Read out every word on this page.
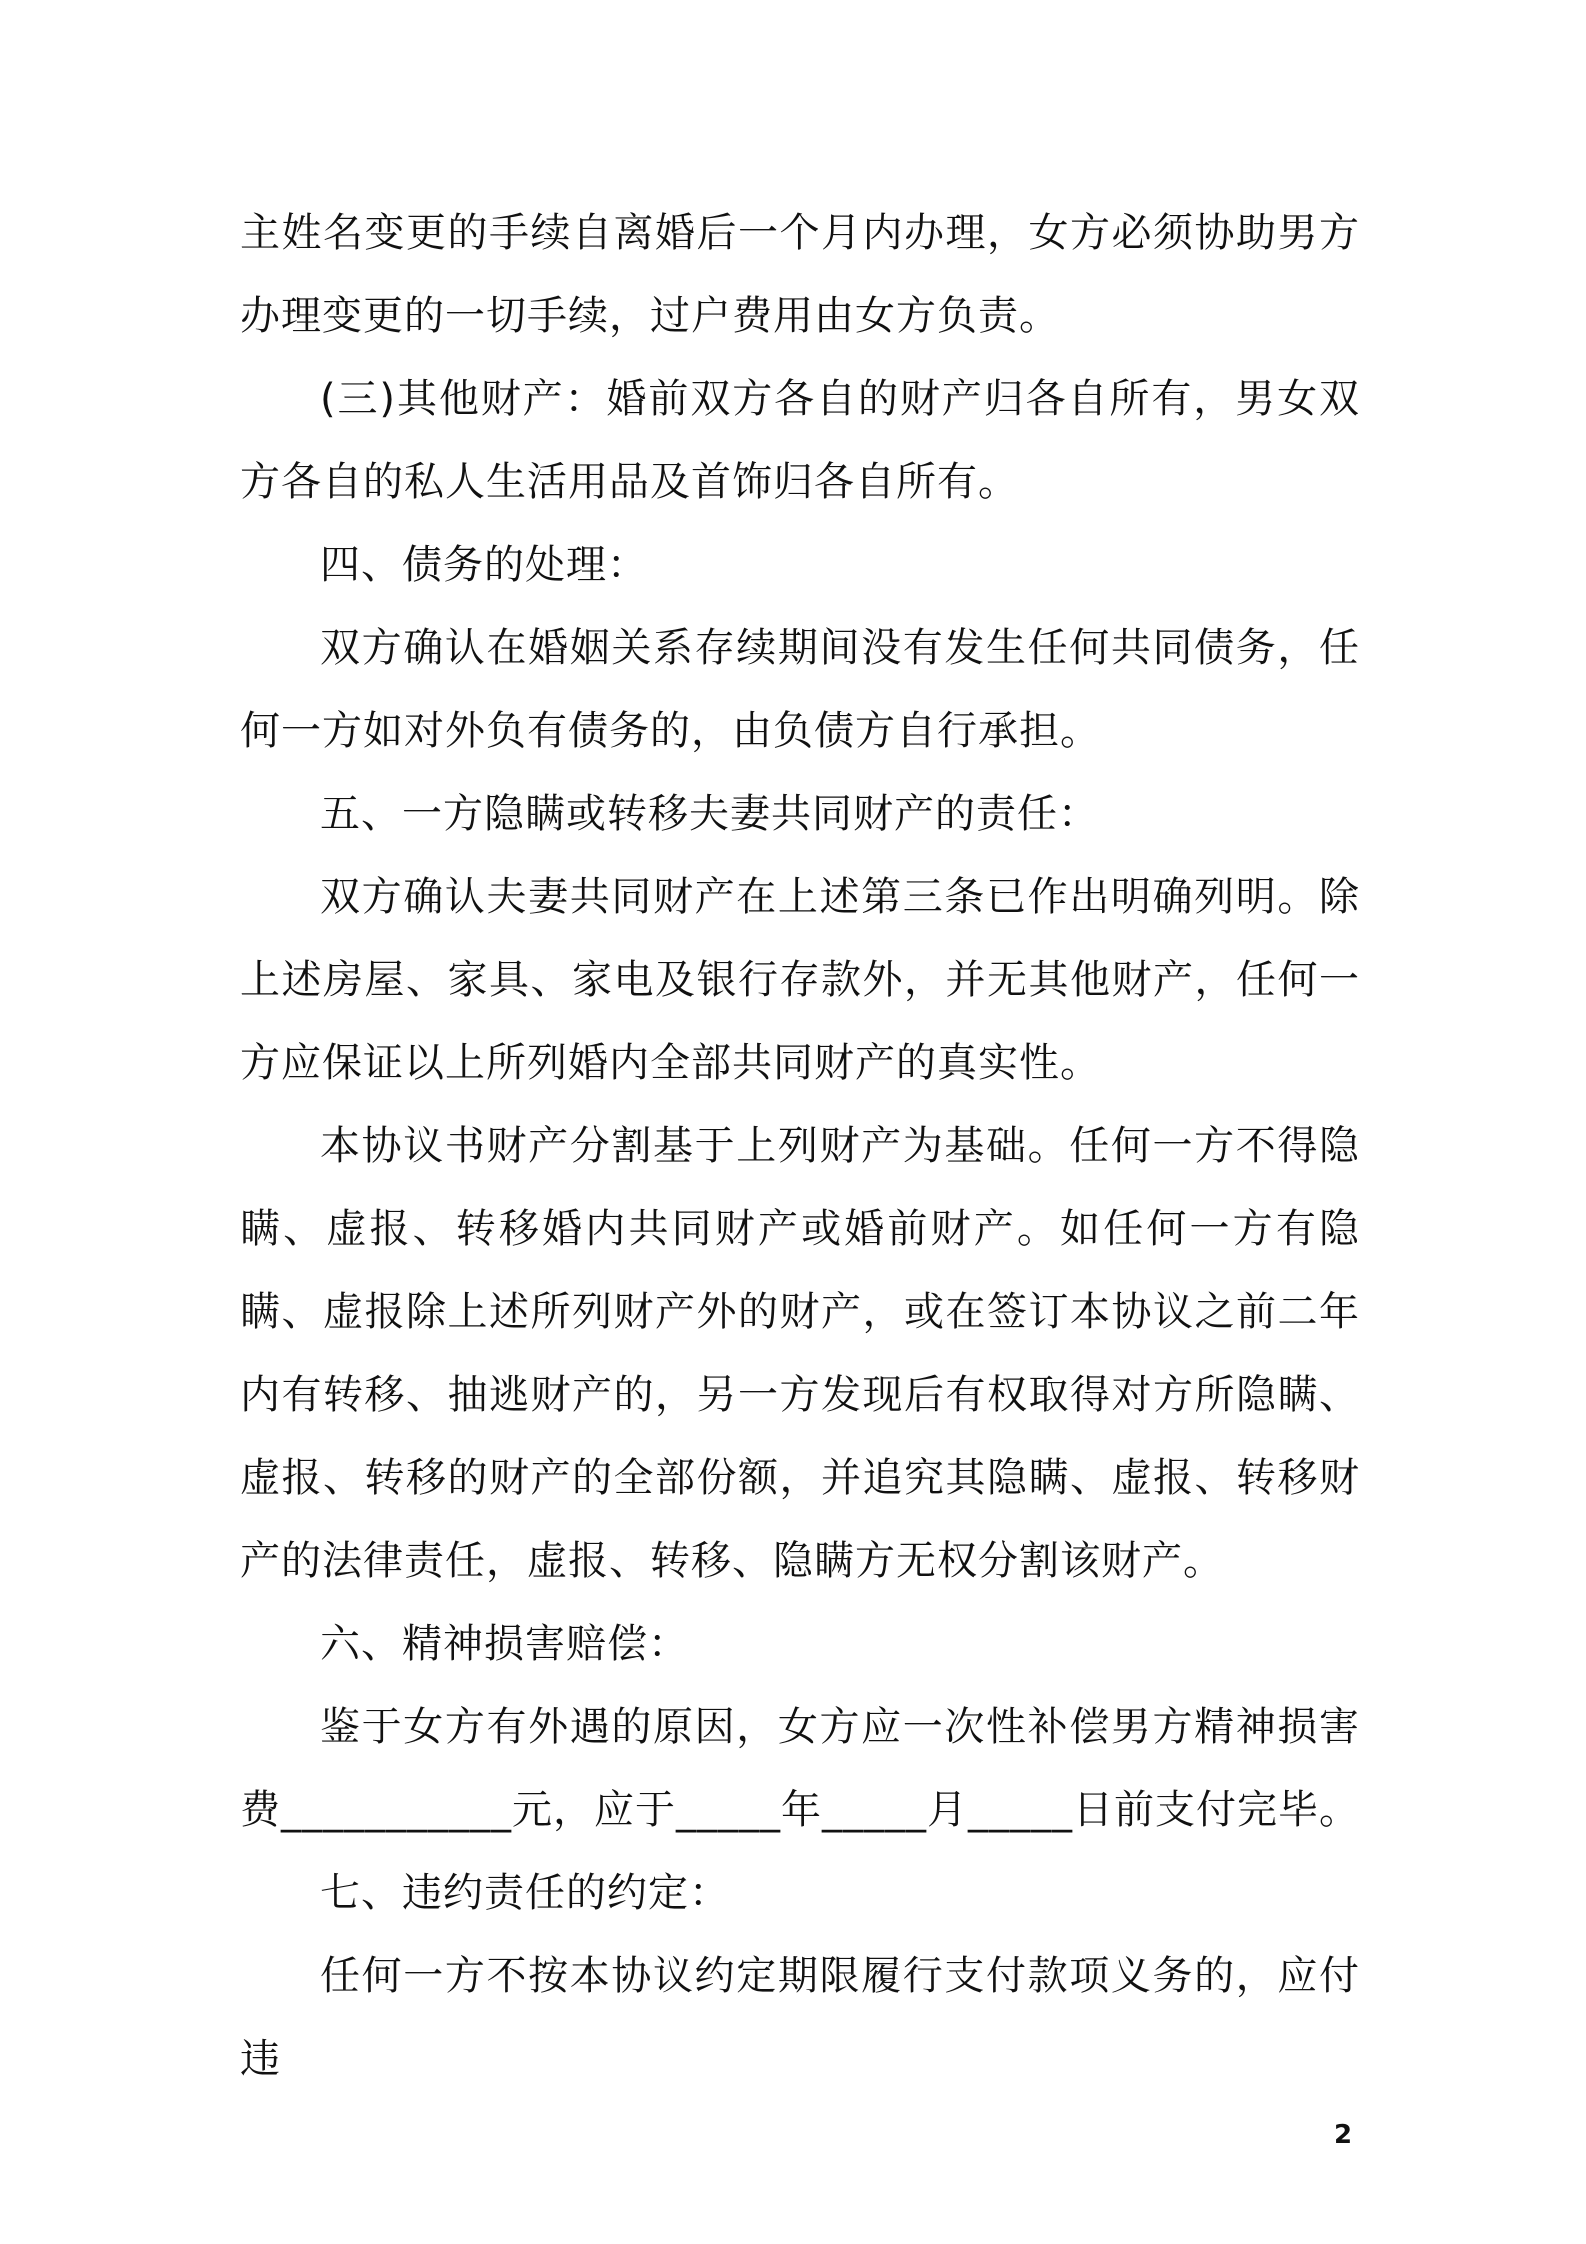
主姓名变更的手续自离婚后一个月内办理，女方必须协助男方办理变更的一切手续，过户费用由女方负责。

(三)其他财产：婚前双方各自的财产归各自所有，男女双方各自的私人生活用品及首饰归各自所有。

四、债务的处理：

双方确认在婚姻关系存续期间没有发生任何共同债务，任何一方如对外负有债务的，由负债方自行承担。

五、一方隐瞒或转移夫妻共同财产的责任：

双方确认夫妻共同财产在上述第三条已作出明确列明。除上述房屋、家具、家电及银行存款外，并无其他财产，任何一方应保证以上所列婚内全部共同财产的真实性。

本协议书财产分割基于上列财产为基础。任何一方不得隐瞒、虚报、转移婚内共同财产或婚前财产。如任何一方有隐瞒、虚报除上述所列财产外的财产，或在签订本协议之前二年内有转移、抽逃财产的，另一方发现后有权取得对方所隐瞒、虚报、转移的财产的全部份额，并追究其隐瞒、虚报、转移财产的法律责任，虚报、转移、隐瞒方无权分割该财产。

六、精神损害赔偿：

鉴于女方有外遇的原因，女方应一次性补偿男方精神损害费___________元，应于_____年_____月_____日前支付完毕。

七、违约责任的约定：

任何一方不按本协议约定期限履行支付款项义务的，应付违

2
